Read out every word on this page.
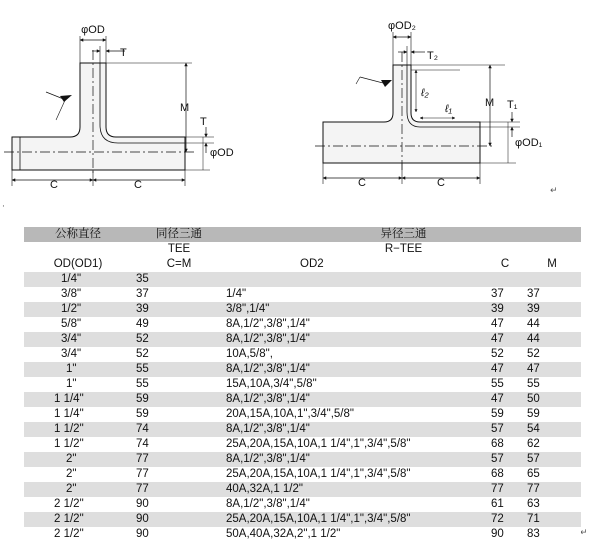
φOD
T
M
T
φOD
C	C
φOD₂
T₂
ℓ₂
ℓ₁	M T₁
φOD₁
C	C
·
↵
↵
公称直径	同径三通	异径三通		
	TEE	R−TEE		
OD(OD1)	C=M	OD2	C	M
1/4"	35			
3/8"	37	1/4"	37	37
1/2"	39	3/8",1/4"	39	39
5/8"	49	8A,1/2",3/8",1/4"	47	44
3/4"	52	8A,1/2",3/8",1/4"	47	44
3/4"	52	10A,5/8",	52	52
1"	55	8A,1/2",3/8",1/4"	47	47
1"	55	15A,10A,3/4",5/8"	55	55
1 1/4"	59	8A,1/2",3/8",1/4"	47	50
1 1/4"	59	20A,15A,10A,1",3/4",5/8"	59	59
1 1/2"	74	8A,1/2",3/8",1/4"	57	54
1 1/2"	74	25A,20A,15A,10A,1 1/4",1",3/4",5/8"	68	62
2"	77	8A,1/2",3/8",1/4"	57	57
2"	77	25A,20A,15A,10A,1 1/4",1",3/4",5/8"	68	65
2"	77	40A,32A,1 1/2"	77	77
2 1/2"	90	8A,1/2",3/8",1/4"	61	63
2 1/2"	90	25A,20A,15A,10A,1 1/4",1",3/4",5/8"	72	71
2 1/2"	90	50A,40A,32A,2",1 1/2"	90	83
